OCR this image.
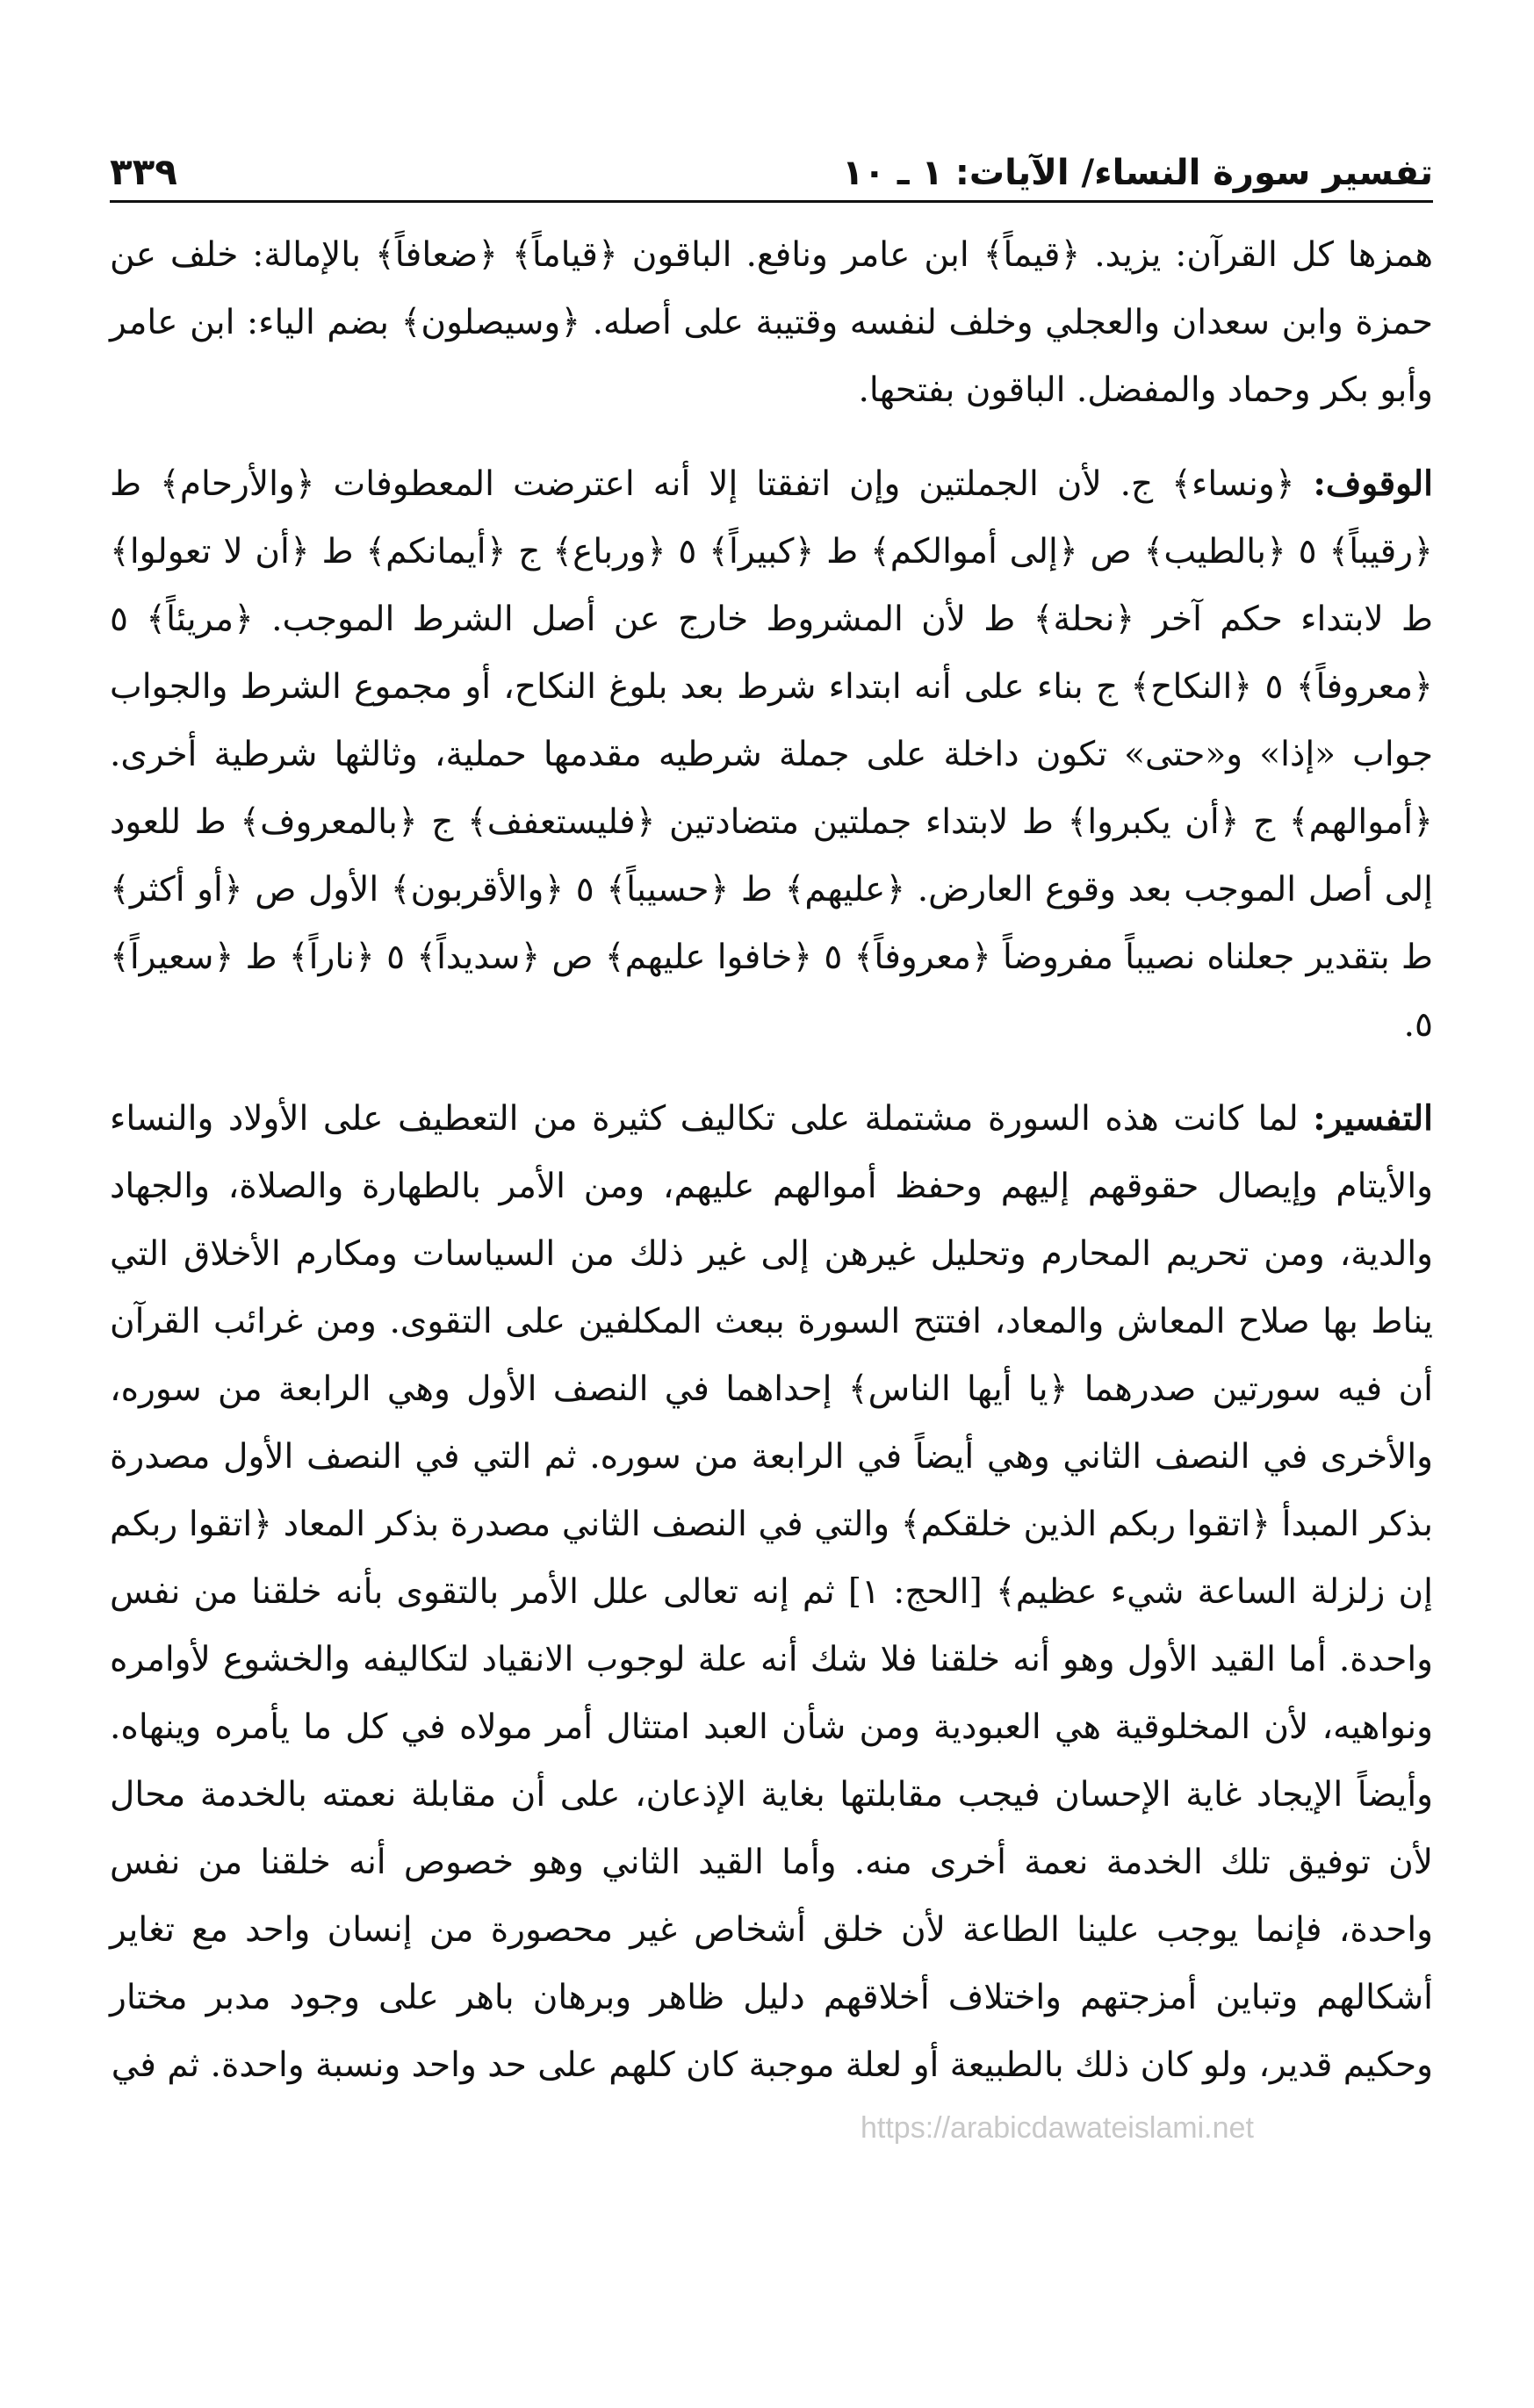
تفسير سورة النساء/ الآيات: ١ ـ ١٠
٣٣٩

همزها كل القرآن: يزيد. ﴿قيماً﴾ ابن عامر ونافع. الباقون ﴿قياماً﴾ ﴿ضعافاً﴾ بالإمالة: خلف عن حمزة وابن سعدان والعجلي وخلف لنفسه وقتيبة على أصله. ﴿وسيصلون﴾ بضم الياء: ابن عامر وأبو بكر وحماد والمفضل. الباقون بفتحها.

الوقوف: ﴿ونساء﴾ ج. لأن الجملتين وإن اتفقتا إلا أنه اعترضت المعطوفات ﴿والأرحام﴾ ط ﴿رقيباً﴾ ٥ ﴿بالطيب﴾ ص ﴿إلى أموالكم﴾ ط ﴿كبيراً﴾ ٥ ﴿ورباع﴾ ج ﴿أيمانكم﴾ ط ﴿أن لا تعولوا﴾ ط لابتداء حكم آخر ﴿نحلة﴾ ط لأن المشروط خارج عن أصل الشرط الموجب. ﴿مريئاً﴾ ٥ ﴿معروفاً﴾ ٥ ﴿النكاح﴾ ج بناء على أنه ابتداء شرط بعد بلوغ النكاح، أو مجموع الشرط والجواب جواب «إذا» و«حتى» تكون داخلة على جملة شرطيه مقدمها حملية، وثالثها شرطية أخرى. ﴿أموالهم﴾ ج ﴿أن يكبروا﴾ ط لابتداء جملتين متضادتين ﴿فليستعفف﴾ ج ﴿بالمعروف﴾ ط للعود إلى أصل الموجب بعد وقوع العارض. ﴿عليهم﴾ ط ﴿حسيباً﴾ ٥ ﴿والأقربون﴾ الأول ص ﴿أو أكثر﴾ ط بتقدير جعلناه نصيباً مفروضاً ﴿معروفاً﴾ ٥ ﴿خافوا عليهم﴾ ص ﴿سديداً﴾ ٥ ﴿ناراً﴾ ط ﴿سعيراً﴾ ٥.

التفسير: لما كانت هذه السورة مشتملة على تكاليف كثيرة من التعطيف على الأولاد والنساء والأيتام وإيصال حقوقهم إليهم وحفظ أموالهم عليهم، ومن الأمر بالطهارة والصلاة، والجهاد والدية، ومن تحريم المحارم وتحليل غيرهن إلى غير ذلك من السياسات ومكارم الأخلاق التي يناط بها صلاح المعاش والمعاد، افتتح السورة ببعث المكلفين على التقوى. ومن غرائب القرآن أن فيه سورتين صدرهما ﴿يا أيها الناس﴾ إحداهما في النصف الأول وهي الرابعة من سوره، والأخرى في النصف الثاني وهي أيضاً في الرابعة من سوره. ثم التي في النصف الأول مصدرة بذكر المبدأ ﴿اتقوا ربكم الذين خلقكم﴾ والتي في النصف الثاني مصدرة بذكر المعاد ﴿اتقوا ربكم إن زلزلة الساعة شيء عظيم﴾ [الحج: ١] ثم إنه تعالى علل الأمر بالتقوى بأنه خلقنا من نفس واحدة. أما القيد الأول وهو أنه خلقنا فلا شك أنه علة لوجوب الانقياد لتكاليفه والخشوع لأوامره ونواهيه، لأن المخلوقية هي العبودية ومن شأن العبد امتثال أمر مولاه في كل ما يأمره وينهاه. وأيضاً الإيجاد غاية الإحسان فيجب مقابلتها بغاية الإذعان، على أن مقابلة نعمته بالخدمة محال لأن توفيق تلك الخدمة نعمة أخرى منه. وأما القيد الثاني وهو خصوص أنه خلقنا من نفس واحدة، فإنما يوجب علينا الطاعة لأن خلق أشخاص غير محصورة من إنسان واحد مع تغاير أشكالهم وتباين أمزجتهم واختلاف أخلاقهم دليل ظاهر وبرهان باهر على وجود مدبر مختار وحكيم قدير، ولو كان ذلك بالطبيعة أو لعلة موجبة كان كلهم على حد واحد ونسبة واحدة. ثم في

https://arabicdawateislami.net
